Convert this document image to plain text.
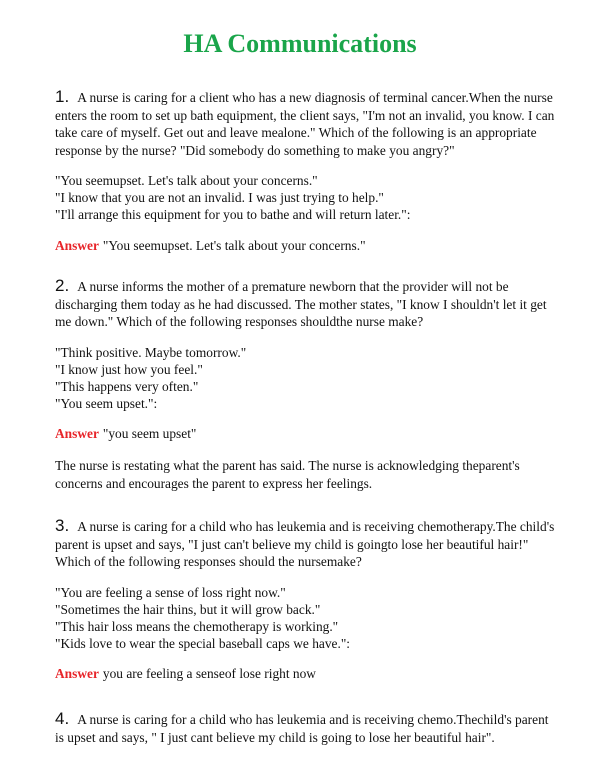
HA Communications

1. A nurse is caring for a client who has a new diagnosis of terminal cancer.When the nurse enters the room to set up bath equipment, the client says, "I'm not an invalid, you know. I can take care of myself. Get out and leave mealone." Which of the following is an appropriate response by the nurse? "Did somebody do something to make you angry?"

"You seemupset. Let's talk about your concerns."
"I know that you are not an invalid. I was just trying to help."
"I'll arrange this equipment for you to bathe and will return later.":
Answer "You seemupset. Let's talk about your concerns."

2. A nurse informs the mother of a premature newborn that the provider will not be discharging them today as he had discussed. The mother states, "I know I shouldn't let it get me down." Which of the following responses shouldthe nurse make?

"Think positive. Maybe tomorrow."
"I know just how you feel."
"This happens very often."
"You seem upset.":
Answer "you seem upset"
The nurse is restating what the parent has said. The nurse is acknowledging theparent's concerns and encourages the parent to express her feelings.

3. A nurse is caring for a child who has leukemia and is receiving chemotherapy.The child's parent is upset and says, "I just can't believe my child is goingto lose her beautiful hair!" Which of the following responses should the nursemake?

"You are feeling a sense of loss right now."
"Sometimes the hair thins, but it will grow back."
"This hair loss means the chemotherapy is working."
"Kids love to wear the special baseball caps we have.":
Answer you are feeling a senseof lose right now

4. A nurse is caring for a child who has leukemia and is receiving chemo.Thechild's parent is upset and says, " I just cant believe my child is going to lose her beautiful hair".
